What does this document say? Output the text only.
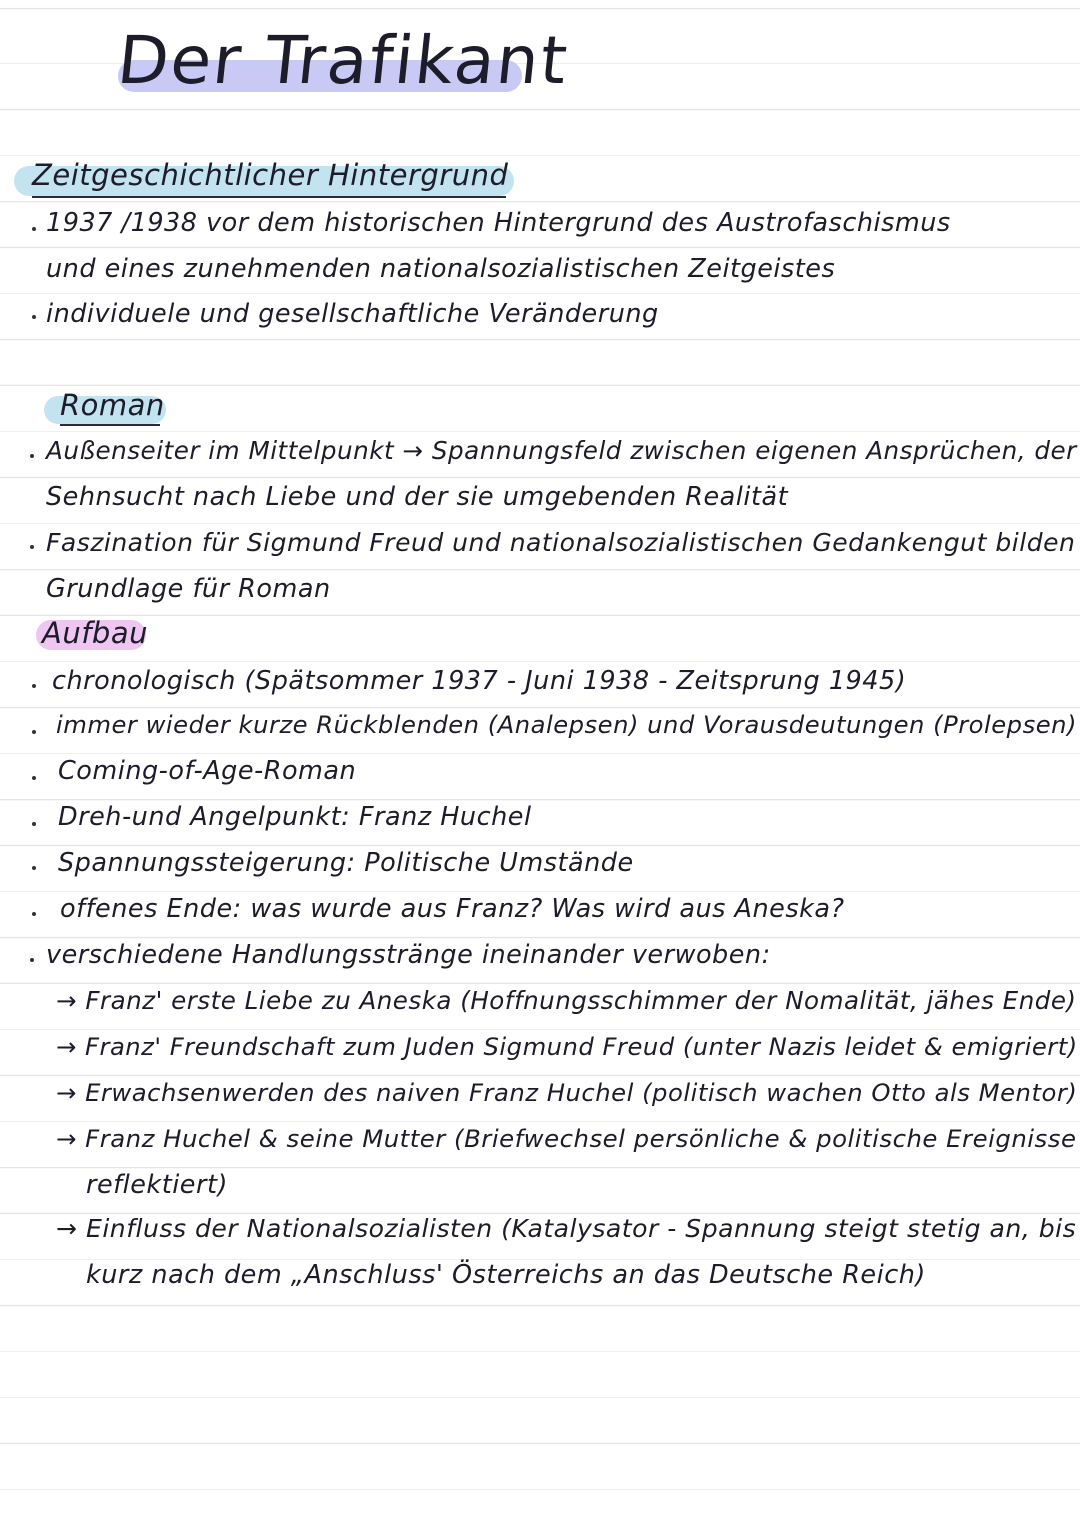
Der Trafikant
Zeitgeschichtlicher Hintergrund
1937 /1938 vor dem historischen Hintergrund des Austrofaschismus
und eines zunehmenden nationalsozialistischen Zeitgeistes
individuele und gesellschaftliche Veränderung
Roman
Außenseiter im Mittelpunkt → Spannungsfeld zwischen eigenen Ansprüchen, der
Sehnsucht nach Liebe und der sie umgebenden Realität
Faszination für Sigmund Freud und nationalsozialistischen Gedankengut bilden
Grundlage für Roman
Aufbau
chronologisch (Spätsommer 1937 - Juni 1938 - Zeitsprung 1945)
immer wieder kurze Rückblenden (Analepsen) und Vorausdeutungen (Prolepsen)
Coming-of-Age-Roman
Dreh-und Angelpunkt: Franz Huchel
Spannungssteigerung: Politische Umstände
offenes Ende: was wurde aus Franz? Was wird aus Aneska?
verschiedene Handlungsstränge ineinander verwoben:
→ Franz' erste Liebe zu Aneska (Hoffnungsschimmer der Nomalität, jähes Ende)
→ Franz' Freundschaft zum Juden Sigmund Freud (unter Nazis leidet & emigriert)
→ Erwachsenwerden des naiven Franz Huchel (politisch wachen Otto als Mentor)
→ Franz Huchel & seine Mutter (Briefwechsel persönliche & politische Ereignisse
reflektiert)
→ Einfluss der Nationalsozialisten (Katalysator - Spannung steigt stetig an, bis
kurz nach dem „Anschluss' Österreichs an das Deutsche Reich)
